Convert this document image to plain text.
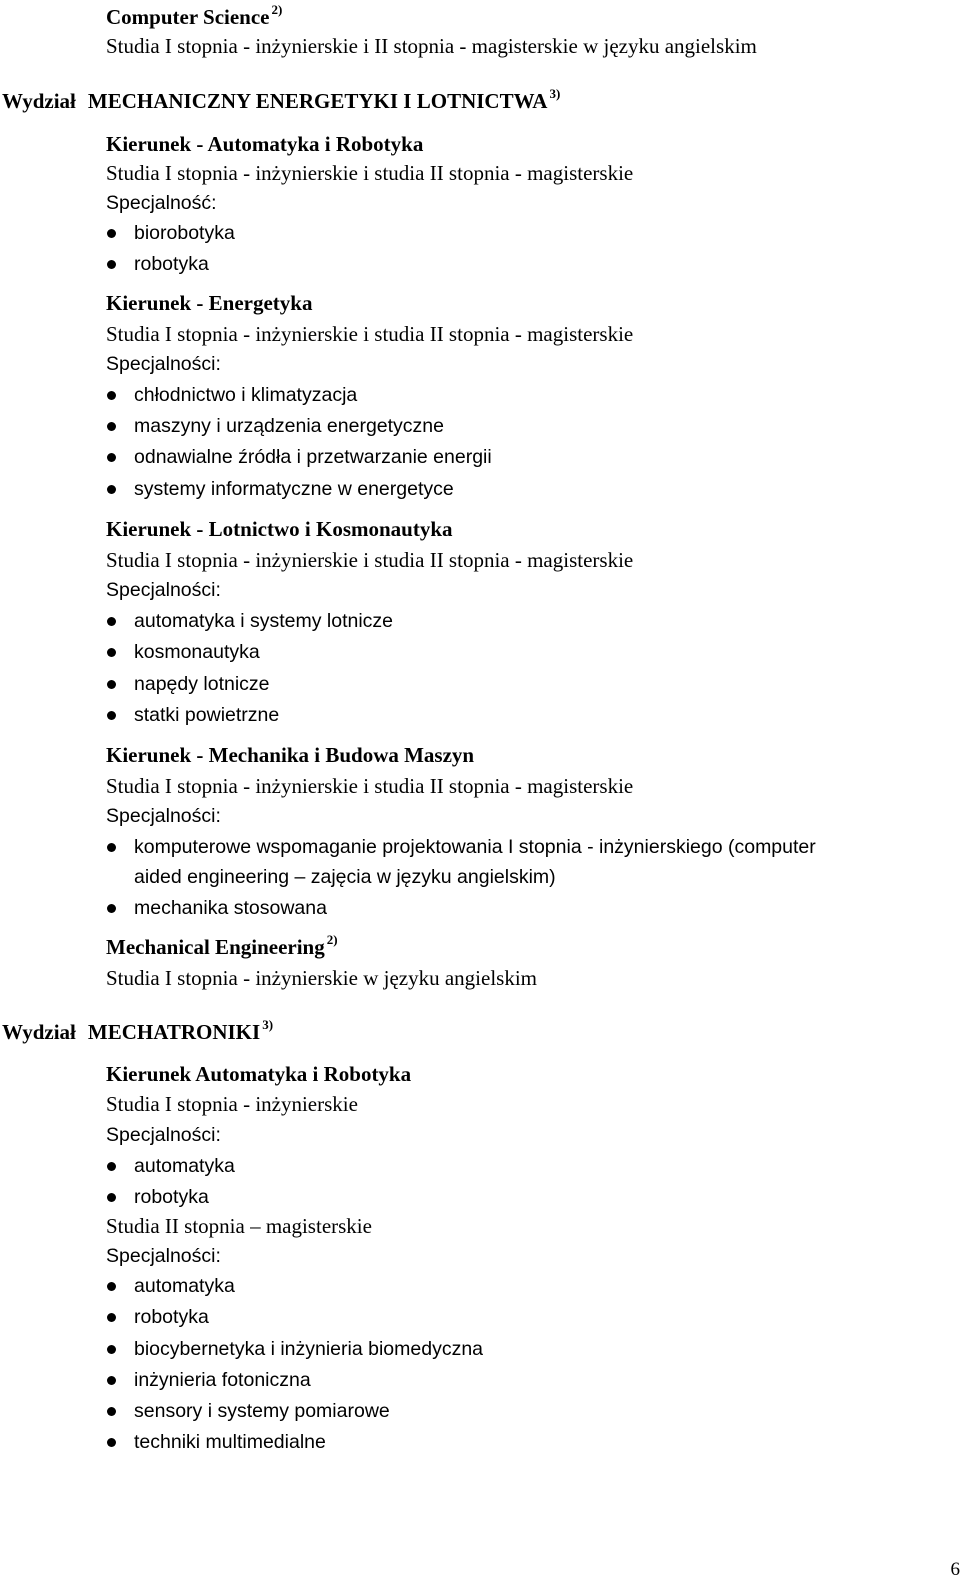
Computer Science $^{2)}$
Studia I stopnia - inżynierskie i II stopnia - magisterskie w języku angielskim
Wydział MECHANICZNY ENERGETYKI I LOTNICTWA $^{3)}$
Kierunek - Automatyka i Robotyka
Studia I stopnia - inżynierskie i studia II stopnia - magisterskie
Specjalność:
biorobotyka
robotyka
Kierunek - Energetyka
Studia I stopnia - inżynierskie i studia II stopnia - magisterskie
Specjalności:
chłodnictwo i klimatyzacja
maszyny i urządzenia energetyczne
odnawialne źródła i przetwarzanie energii
systemy informatyczne w energetyce
Kierunek - Lotnictwo i Kosmonautyka
Studia I stopnia - inżynierskie i studia II stopnia - magisterskie
Specjalności:
automatyka i systemy lotnicze
kosmonautyka
napędy lotnicze
statki powietrzne
Kierunek - Mechanika i Budowa Maszyn
Studia I stopnia - inżynierskie i studia II stopnia - magisterskie
Specjalności:
komputerowe wspomaganie projektowania I stopnia - inżynierskiego (computer
aided engineering – zajęcia w języku angielskim)
mechanika stosowana
Mechanical Engineering $^{2)}$
Studia I stopnia - inżynierskie w języku angielskim
Wydział MECHATRONIKI $^{3)}$
Kierunek Automatyka i Robotyka
Studia I stopnia - inżynierskie
Specjalności:
automatyka
robotyka
Studia II stopnia – magisterskie
Specjalności:
automatyka
robotyka
biocybernetyka i inżynieria biomedyczna
inżynieria fotoniczna
sensory i systemy pomiarowe
techniki multimedialne
6
